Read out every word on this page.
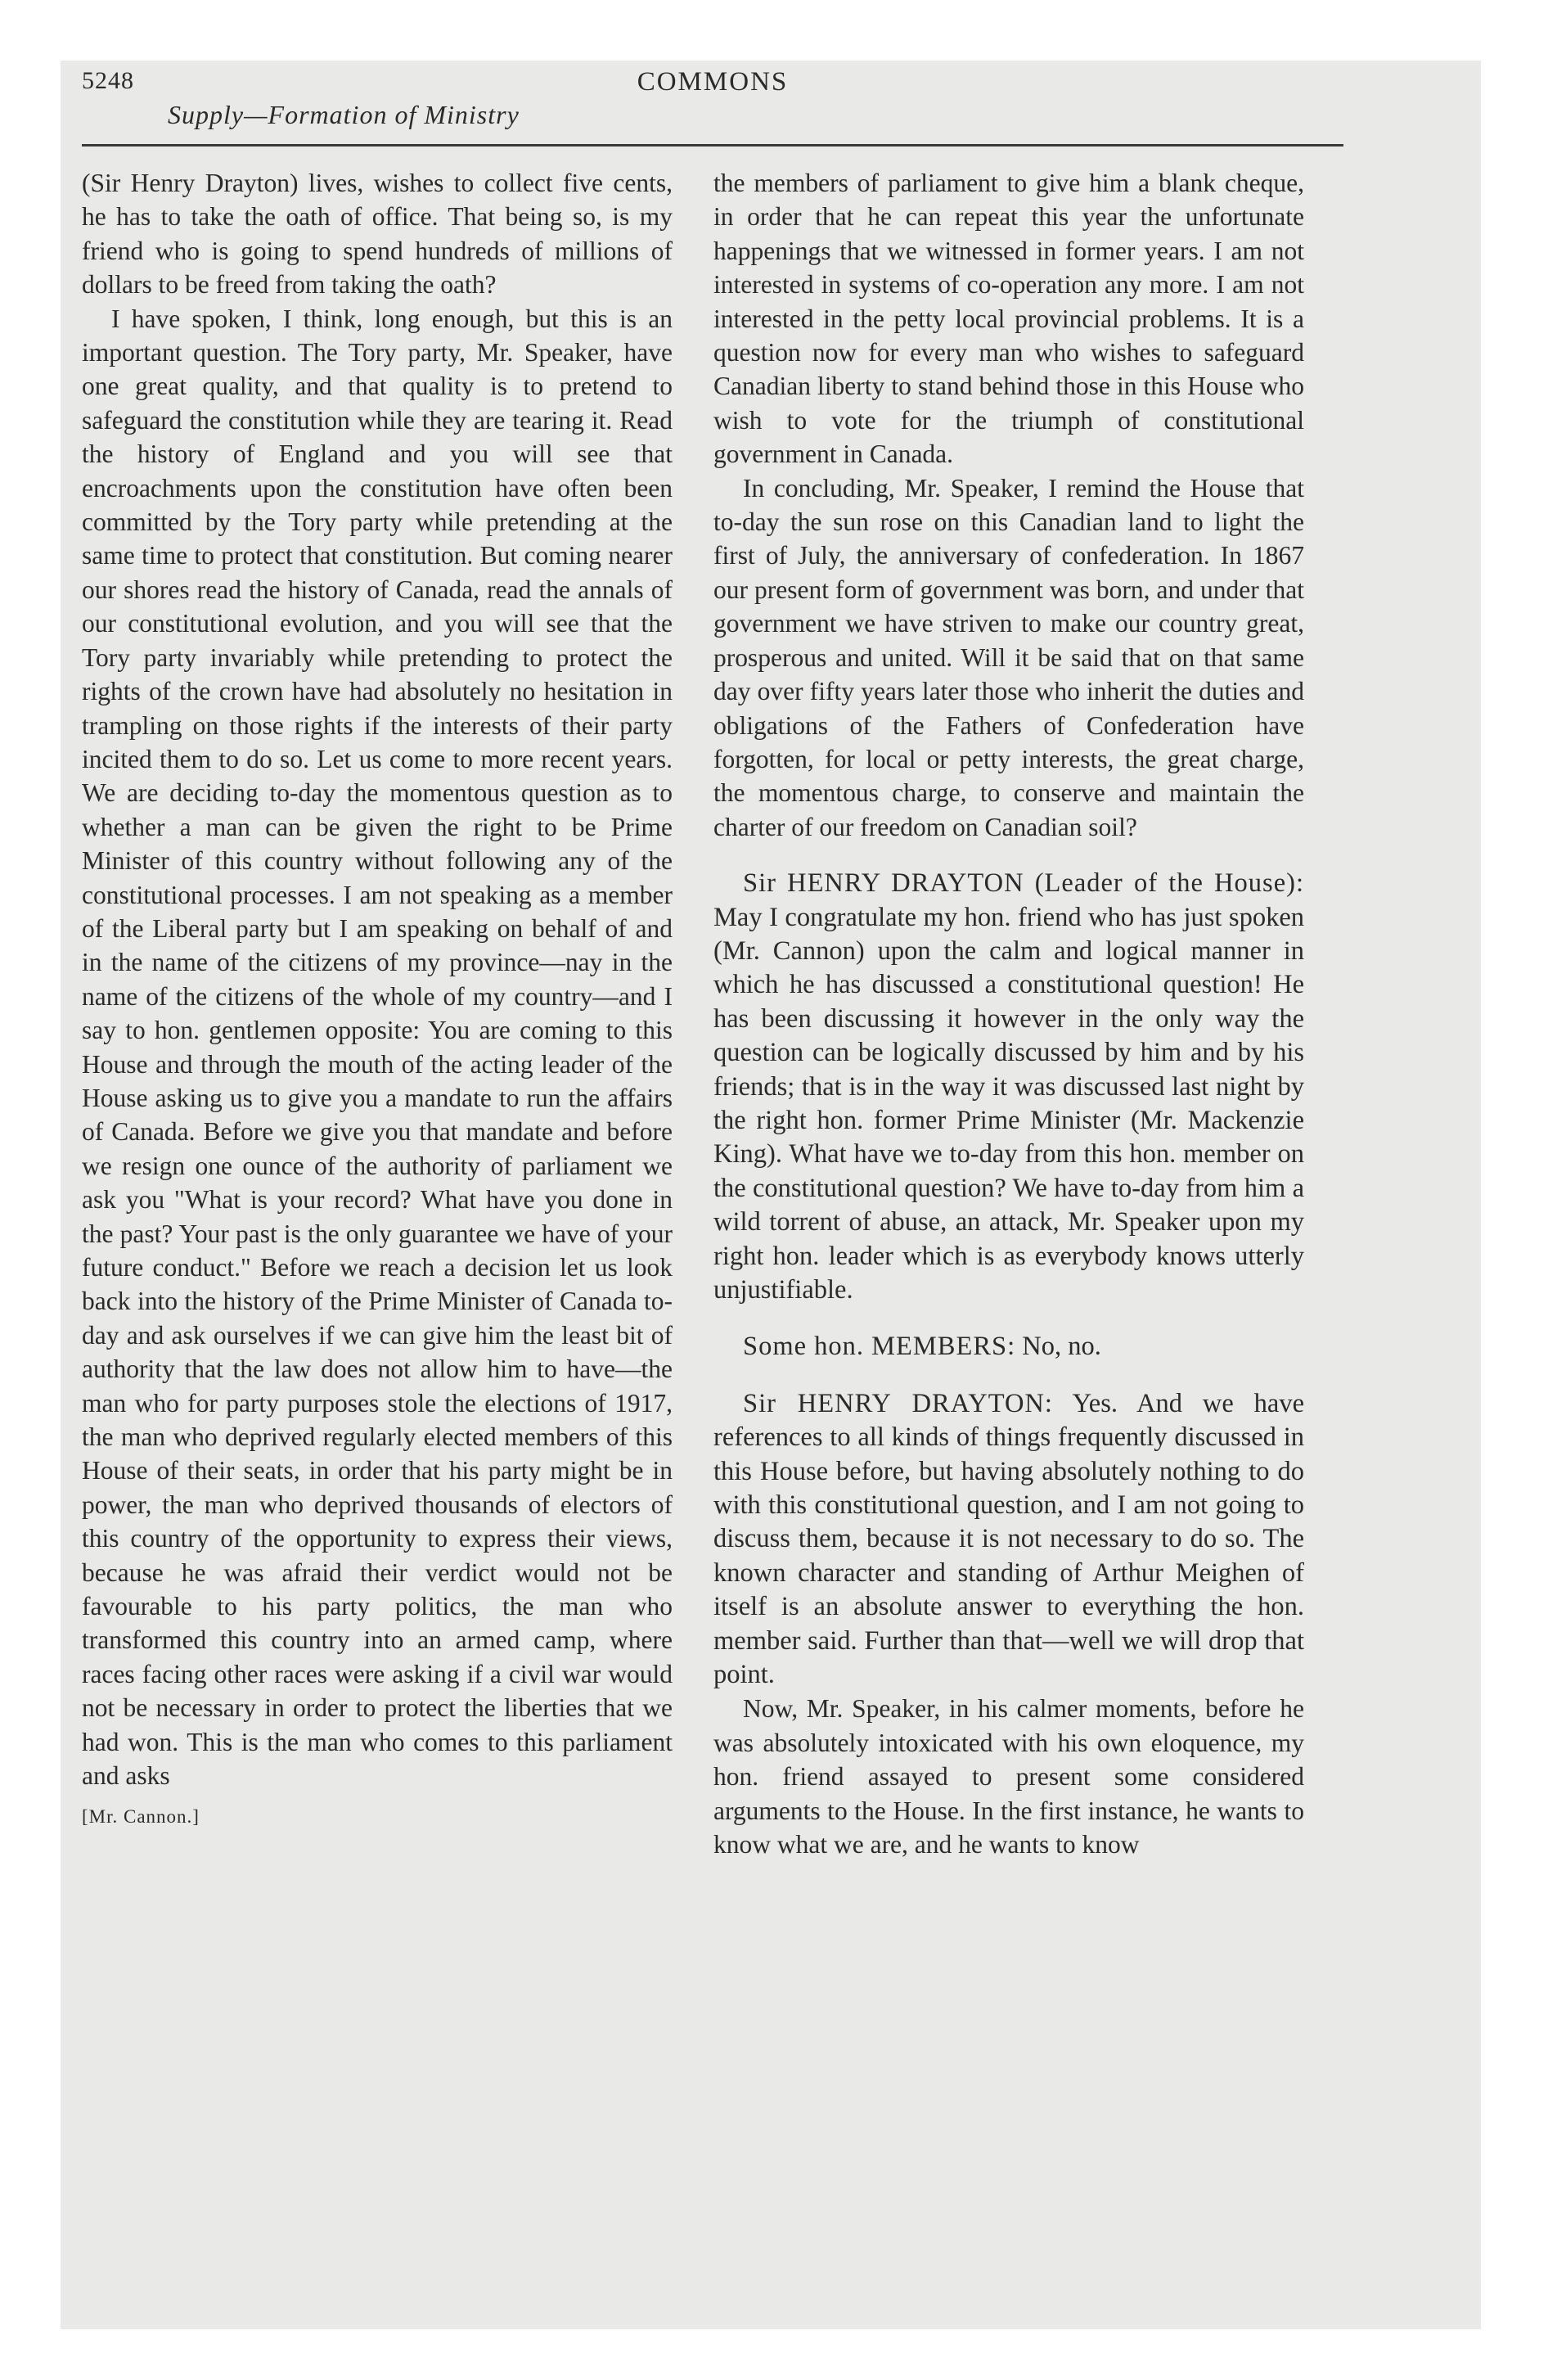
5248	COMMONS
Supply—Formation of Ministry

(Sir Henry Drayton) lives, wishes to collect five cents, he has to take the oath of office. That being so, is my friend who is going to spend hundreds of millions of dollars to be freed from taking the oath?

I have spoken, I think, long enough, but this is an important question. The Tory party, Mr. Speaker, have one great quality, and that quality is to pretend to safeguard the constitution while they are tearing it. Read the history of England and you will see that encroachments upon the constitution have often been committed by the Tory party while pretending at the same time to protect that constitution. But coming nearer our shores read the history of Canada, read the annals of our constitutional evolution, and you will see that the Tory party invariably while pretending to protect the rights of the crown have had absolutely no hesitation in trampling on those rights if the interests of their party incited them to do so. Let us come to more recent years. We are deciding to-day the momentous question as to whether a man can be given the right to be Prime Minister of this country without following any of the constitutional processes. I am not speaking as a member of the Liberal party but I am speaking on behalf of and in the name of the citizens of my province—nay in the name of the citizens of the whole of my country—and I say to hon. gentlemen opposite: You are coming to this House and through the mouth of the acting leader of the House asking us to give you a mandate to run the affairs of Canada. Before we give you that mandate and before we resign one ounce of the authority of parliament we ask you "What is your record? What have you done in the past? Your past is the only guarantee we have of your future conduct." Before we reach a decision let us look back into the history of the Prime Minister of Canada to-day and ask ourselves if we can give him the least bit of authority that the law does not allow him to have—the man who for party purposes stole the elections of 1917, the man who deprived regularly elected members of this House of their seats, in order that his party might be in power, the man who deprived thousands of electors of this country of the opportunity to express their views, because he was afraid their verdict would not be favourable to his party politics, the man who transformed this country into an armed camp, where races facing other races were asking if a civil war would not be necessary in order to protect the liberties that we had won. This is the man who comes to this parliament and asks

[Mr. Cannon.]

the members of parliament to give him a blank cheque, in order that he can repeat this year the unfortunate happenings that we witnessed in former years. I am not interested in systems of co-operation any more. I am not interested in the petty local provincial problems. It is a question now for every man who wishes to safeguard Canadian liberty to stand behind those in this House who wish to vote for the triumph of constitutional government in Canada.

In concluding, Mr. Speaker, I remind the House that to-day the sun rose on this Canadian land to light the first of July, the anniversary of confederation. In 1867 our present form of government was born, and under that government we have striven to make our country great, prosperous and united. Will it be said that on that same day over fifty years later those who inherit the duties and obligations of the Fathers of Confederation have forgotten, for local or petty interests, the great charge, the momentous charge, to conserve and maintain the charter of our freedom on Canadian soil?

Sir HENRY DRAYTON (Leader of the House): May I congratulate my hon. friend who has just spoken (Mr. Cannon) upon the calm and logical manner in which he has discussed a constitutional question! He has been discussing it however in the only way the question can be logically discussed by him and by his friends; that is in the way it was discussed last night by the right hon. former Prime Minister (Mr. Mackenzie King). What have we to-day from this hon. member on the constitutional question? We have to-day from him a wild torrent of abuse, an attack, Mr. Speaker upon my right hon. leader which is as everybody knows utterly unjustifiable.

Some hon. MEMBERS: No, no.

Sir HENRY DRAYTON: Yes. And we have references to all kinds of things frequently discussed in this House before, but having absolutely nothing to do with this constitutional question, and I am not going to discuss them, because it is not necessary to do so. The known character and standing of Arthur Meighen of itself is an absolute answer to everything the hon. member said. Further than that—well we will drop that point.

Now, Mr. Speaker, in his calmer moments, before he was absolutely intoxicated with his own eloquence, my hon. friend assayed to present some considered arguments to the House. In the first instance, he wants to know what we are, and he wants to know
